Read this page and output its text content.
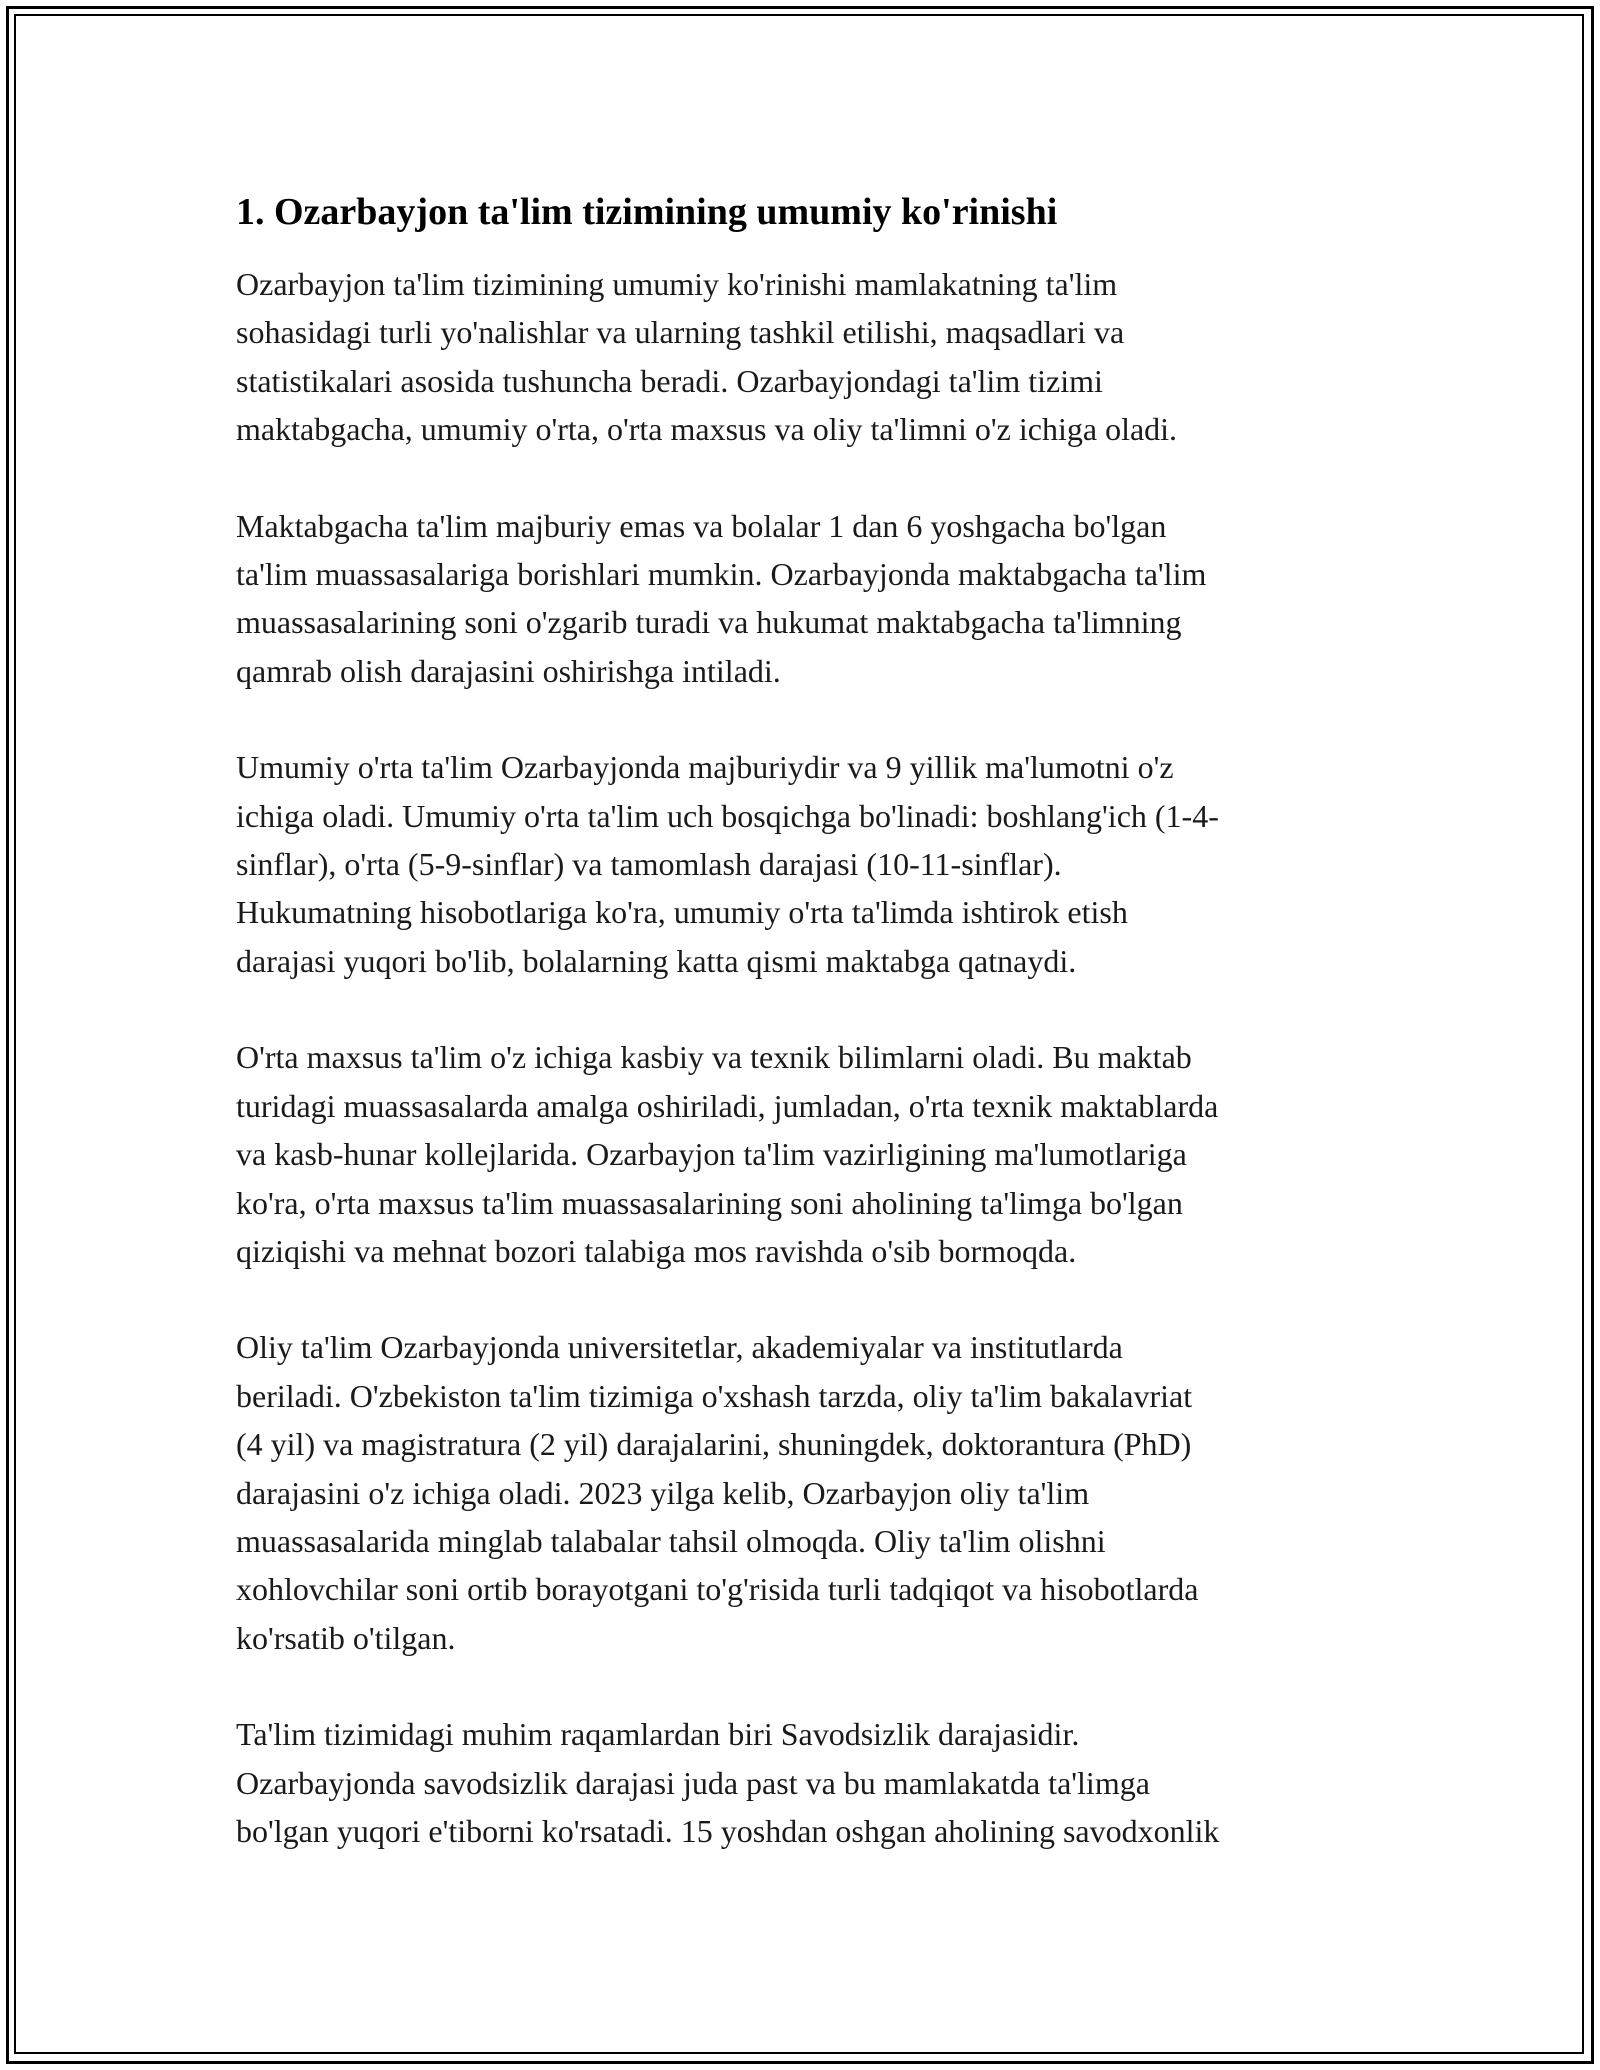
1. Ozarbayjon ta'lim tizimining umumiy ko'rinishi

Ozarbayjon ta'lim tizimining umumiy ko'rinishi mamlakatning ta'lim
sohasidagi turli yo'nalishlar va ularning tashkil etilishi, maqsadlari va
statistikalari asosida tushuncha beradi. Ozarbayjondagi ta'lim tizimi
maktabgacha, umumiy o'rta, o'rta maxsus va oliy ta'limni o'z ichiga oladi.

Maktabgacha ta'lim majburiy emas va bolalar 1 dan 6 yoshgacha bo'lgan
ta'lim muassasalariga borishlari mumkin. Ozarbayjonda maktabgacha ta'lim
muassasalarining soni o'zgarib turadi va hukumat maktabgacha ta'limning
qamrab olish darajasini oshirishga intiladi.

Umumiy o'rta ta'lim Ozarbayjonda majburiydir va 9 yillik ma'lumotni o'z
ichiga oladi. Umumiy o'rta ta'lim uch bosqichga bo'linadi: boshlang'ich (1-4-
sinflar), o'rta (5-9-sinflar) va tamomlash darajasi (10-11-sinflar).
Hukumatning hisobotlariga ko'ra, umumiy o'rta ta'limda ishtirok etish
darajasi yuqori bo'lib, bolalarning katta qismi maktabga qatnaydi.

O'rta maxsus ta'lim o'z ichiga kasbiy va texnik bilimlarni oladi. Bu maktab
turidagi muassasalarda amalga oshiriladi, jumladan, o'rta texnik maktablarda
va kasb-hunar kollejlarida. Ozarbayjon ta'lim vazirligining ma'lumotlariga
ko'ra, o'rta maxsus ta'lim muassasalarining soni aholining ta'limga bo'lgan
qiziqishi va mehnat bozori talabiga mos ravishda o'sib bormoqda.

Oliy ta'lim Ozarbayjonda universitetlar, akademiyalar va institutlarda
beriladi. O'zbekiston ta'lim tizimiga o'xshash tarzda, oliy ta'lim bakalavriat
(4 yil) va magistratura (2 yil) darajalarini, shuningdek, doktorantura (PhD)
darajasini o'z ichiga oladi. 2023 yilga kelib, Ozarbayjon oliy ta'lim
muassasalarida minglab talabalar tahsil olmoqda. Oliy ta'lim olishni
xohlovchilar soni ortib borayotgani to'g'risida turli tadqiqot va hisobotlarda
ko'rsatib o'tilgan.

Ta'lim tizimidagi muhim raqamlardan biri Savodsizlik darajasidir.
Ozarbayjonda savodsizlik darajasi juda past va bu mamlakatda ta'limga
bo'lgan yuqori e'tiborni ko'rsatadi. 15 yoshdan oshgan aholining savodxonlik
